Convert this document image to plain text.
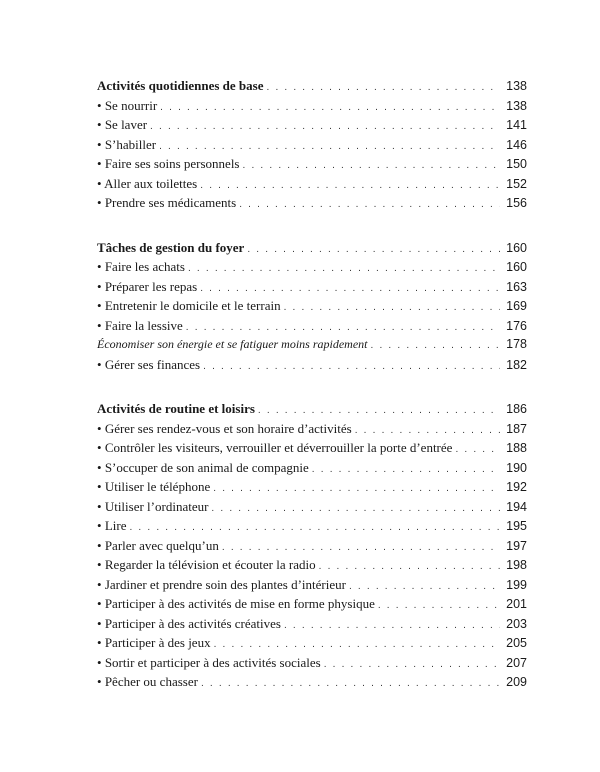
Activités quotidiennes de base . . .	138
• Se nourrir . . .	138
• Se laver . . .	141
• S’habiller . . .	146
• Faire ses soins personnels . . .	150
• Aller aux toilettes . . .	152
• Prendre ses médicaments . . .	156
Tâches de gestion du foyer . . .	160
• Faire les achats . . .	160
• Préparer les repas . . .	163
• Entretenir le domicile et le terrain . . .	169
• Faire la lessive . . .	176
Économiser son énergie et se fatiguer moins rapidement . . .	178
• Gérer ses finances . . .	182
Activités de routine et loisirs . . .	186
• Gérer ses rendez-vous et son horaire d’activités . . .	187
• Contrôler les visiteurs, verrouiller et déverrouiller la porte d’entrée . . .	188
• S’occuper de son animal de compagnie . . .	190
• Utiliser le téléphone . . .	192
• Utiliser l’ordinateur . . .	194
• Lire . . .	195
• Parler avec quelqu’un . . .	197
• Regarder la télévision et écouter la radio . . .	198
• Jardiner et prendre soin des plantes d’intérieur . . .	199
• Participer à des activités de mise en forme physique . . .	201
• Participer à des activités créatives . . .	203
• Participer à des jeux . . .	205
• Sortir et participer à des activités sociales . . .	207
• Pêcher ou chasser . . .	209
